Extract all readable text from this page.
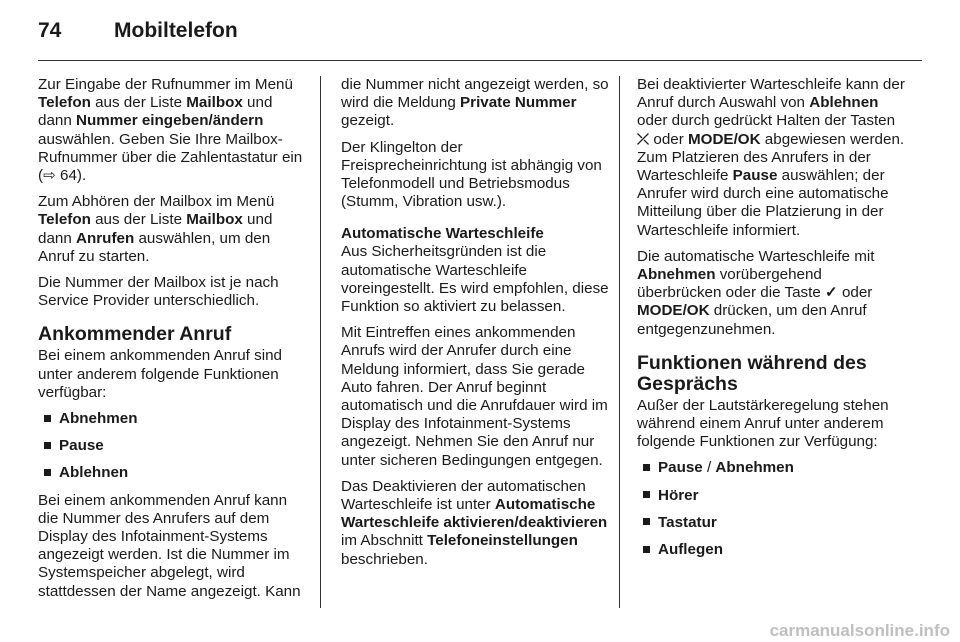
74	Mobiltelefon

Zur Eingabe der Rufnummer im Menü Telefon aus der Liste Mailbox und dann Nummer eingeben/ändern auswählen. Geben Sie Ihre Mailbox-Rufnummer über die Zahlentastatur ein (⇨ 64).

Zum Abhören der Mailbox im Menü Telefon aus der Liste Mailbox und dann Anrufen auswählen, um den Anruf zu starten.

Die Nummer der Mailbox ist je nach Service Provider unterschiedlich.

Ankommender Anruf

Bei einem ankommenden Anruf sind unter anderem folgende Funktionen verfügbar:

Abnehmen
Pause
Ablehnen

Bei einem ankommenden Anruf kann die Nummer des Anrufers auf dem Display des Infotainment-Systems angezeigt werden. Ist die Nummer im Systemspeicher abgelegt, wird stattdessen der Name angezeigt. Kann

die Nummer nicht angezeigt werden, so wird die Meldung Private Nummer gezeigt.

Der Klingelton der Freisprecheinrichtung ist abhängig von Telefonmodell und Betriebsmodus (Stumm, Vibration usw.).

Automatische Warteschleife

Aus Sicherheitsgründen ist die automatische Warteschleife voreingestellt. Es wird empfohlen, diese Funktion so aktiviert zu belassen.

Mit Eintreffen eines ankommenden Anrufs wird der Anrufer durch eine Meldung informiert, dass Sie gerade Auto fahren. Der Anruf beginnt automatisch und die Anrufdauer wird im Display des Infotainment-Systems angezeigt. Nehmen Sie den Anruf nur unter sicheren Bedingungen entgegen.

Das Deaktivieren der automatischen Warteschleife ist unter Automatische Warteschleife aktivieren/deaktivieren im Abschnitt Telefoneinstellungen beschrieben.

Bei deaktivierter Warteschleife kann der Anruf durch Auswahl von Ablehnen oder durch gedrückt Halten der Tasten ⤫ oder MODE/OK abgewiesen werden. Zum Platzieren des Anrufers in der Warteschleife Pause auswählen; der Anrufer wird durch eine automatische Mitteilung über die Platzierung in der Warteschleife informiert.

Die automatische Warteschleife mit Abnehmen vorübergehend überbrücken oder die Taste ✓ oder MODE/OK drücken, um den Anruf entgegenzunehmen.

Funktionen während des Gesprächs

Außer der Lautstärkeregelung stehen während einem Anruf unter anderem folgende Funktionen zur Verfügung:

Pause / Abnehmen
Hörer
Tastatur
Auflegen
carmanualsonline.info
